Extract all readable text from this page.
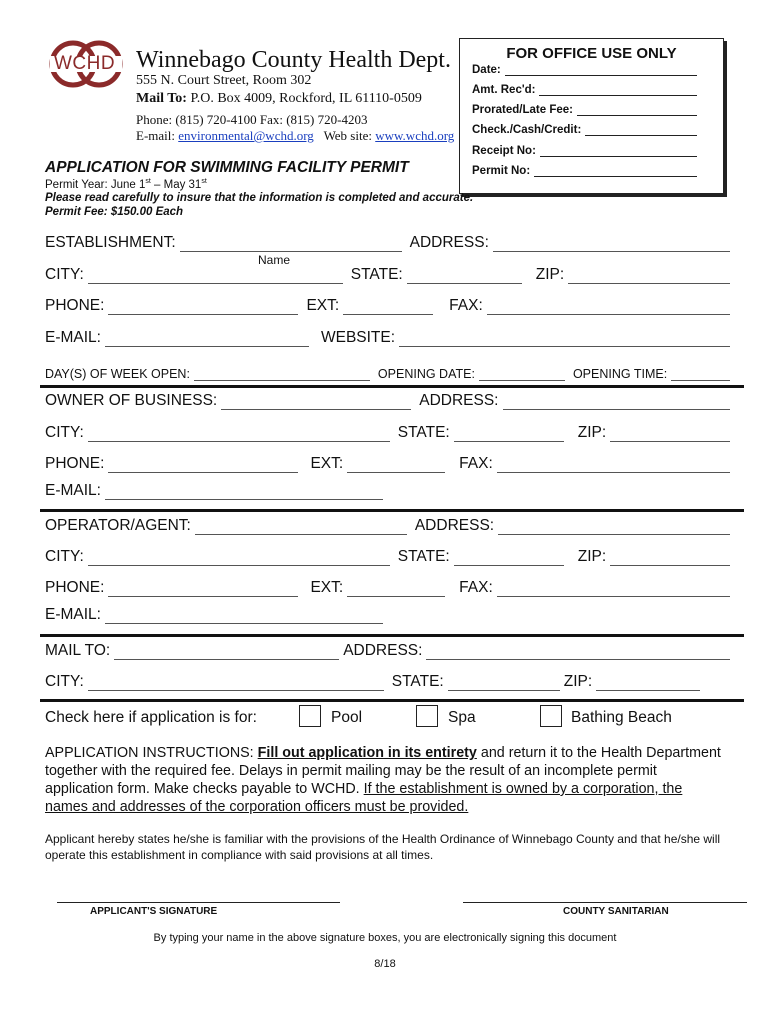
WCHD Winnebago County Health Dept.
555 N. Court Street, Room 302
Mail To: P.O. Box 4009, Rockford, IL 61110-0509
Phone: (815) 720-4100 Fax: (815) 720-4203
E-mail: environmental@wchd.org Web site: www.wchd.org
FOR OFFICE USE ONLY
Date:
Amt. Rec'd:
Prorated/Late Fee:
Check./Cash/Credit:
Receipt No:
Permit No:
APPLICATION FOR SWIMMING FACILITY PERMIT
Permit Year: June 1st – May 31st
Please read carefully to insure that the information is completed and accurate.
Permit Fee: $150.00 Each
ESTABLISHMENT:	ADDRESS:
Name
CITY:	STATE:	ZIP:
PHONE:	EXT:	FAX:
E-MAIL:	WEBSITE:
DAY(S) OF WEEK OPEN:	OPENING DATE:	OPENING TIME:
OWNER OF BUSINESS:	ADDRESS:
CITY:	STATE:	ZIP:
PHONE:	EXT:	FAX:
E-MAIL:
OPERATOR/AGENT:	ADDRESS:
CITY:	STATE:	ZIP:
PHONE:	EXT:	FAX:
E-MAIL:
MAIL TO:	ADDRESS:
CITY:	STATE:	ZIP:
Check here if application is for:	Pool	Spa	Bathing Beach
APPLICATION INSTRUCTIONS: Fill out application in its entirety and return it to the Health Department together with the required fee. Delays in permit mailing may be the result of an incomplete permit application form. Make checks payable to WCHD. If the establishment is owned by a corporation, the names and addresses of the corporation officers must be provided.
Applicant hereby states he/she is familiar with the provisions of the Health Ordinance of Winnebago County and that he/she will operate this establishment in compliance with said provisions at all times.
APPLICANT'S SIGNATURE	COUNTY SANITARIAN
By typing your name in the above signature boxes, you are electronically signing this document
8/18
